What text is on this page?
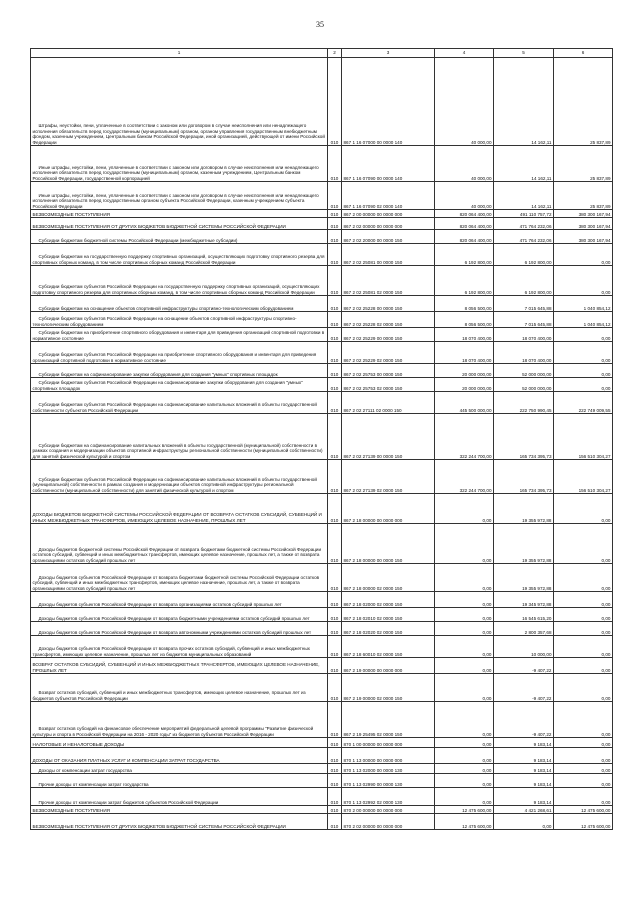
35
1	2	3	4	5	6
Штрафы, неустойки, пени, уплаченные в соответствии с законом или договором в случае неисполнения или ненадлежащего исполнения обязательств перед государственным (муниципальным) органом, органом управления государственным внебюджетным фондом, казенным учреждением, Центральным банком Российской Федерации, иной организацией, действующей от имени Российской Федерации	010	867 1 16 07000 00 0000 140	40 000,00	14 162,11	25 837,89
Иные штрафы, неустойки, пени, уплаченные в соответствии с законом или договором в случае неисполнения или ненадлежащего исполнения обязательств перед государственным (муниципальным) органом, казенным учреждением, Центральным банком Российской Федерации, государственной корпорацией	010	867 1 16 07090 00 0000 140	40 000,00	14 162,11	25 837,89
Иные штрафы, неустойки, пени, уплаченные в соответствии с законом или договором в случае неисполнения или ненадлежащего исполнения обязательств перед государственным органом субъекта Российской Федерации, казенным учреждением субъекта Российской Федерации	010	867 1 16 07090 02 0000 140	40 000,00	14 162,11	25 837,89
БЕЗВОЗМЕЗДНЫЕ ПОСТУПЛЕНИЯ	010	867 2 00 00000 00 0000 000	820 064 400,00	491 110 757,72	380 300 167,94
БЕЗВОЗМЕЗДНЫЕ ПОСТУПЛЕНИЯ ОТ ДРУГИХ БЮДЖЕТОВ БЮДЖЕТНОЙ СИСТЕМЫ РОССИЙСКОЙ ФЕДЕРАЦИИ	010	867 2 02 00000 00 0000 000	820 064 400,00	471 764 232,06	380 300 167,94
Субсидии бюджетам бюджетной системы Российской Федерации (межбюджетные субсидии)	010	867 2 02 20000 00 0000 150	820 064 400,00	471 764 232,06	380 300 167,94
Субсидии бюджетам на государственную поддержку спортивных организаций, осуществляющих подготовку спортивного резерва для спортивных сборных команд, в том числе спортивных сборных команд Российской Федерации	010	867 2 02 25081 00 0000 150	6 192 800,00	6 192 800,00	0,00
Субсидии бюджетам субъектов Российской Федерации на государственную поддержку спортивных организаций, осуществляющих подготовку спортивного резерва для спортивных сборных команд, в том числе спортивных сборных команд Российской Федерации	010	867 2 02 25081 02 0000 150	6 192 800,00	6 192 800,00	0,00
Субсидии бюджетам на оснащение объектов спортивной инфраструктуры спортивно-технологическим оборудованием	010	867 2 02 25228 00 0000 150	8 056 500,00	7 015 645,88	1 040 854,12
Субсидии бюджетам субъектов Российской Федерации на оснащение объектов спортивной инфраструктуры спортивно-технологическим оборудованием	010	867 2 02 25228 02 0000 150	8 056 500,00	7 015 645,88	1 040 854,12
Субсидии бюджетам на приобретение спортивного оборудования и инвентаря для приведения организаций спортивной подготовки в нормативное состояние	010	867 2 02 25229 00 0000 150	18 070 400,00	18 070 400,00	0,00
Субсидии бюджетам субъектов Российской Федерации на приобретение спортивного оборудования и инвентаря для приведения организаций спортивной подготовки в нормативное состояние	010	867 2 02 25229 02 0000 150	18 070 400,00	18 070 400,00	0,00
Субсидии бюджетам на софинансирование закупки оборудования для создания "умных" спортивных площадок	010	867 2 02 25753 00 0000 150	20 000 000,00	52 000 000,00	0,00
Субсидии бюджетам субъектов Российской Федерации на софинансирование закупки оборудования для создания "умных" спортивных площадок	010	867 2 02 25753 02 0000 150	20 000 000,00	52 000 000,00	0,00
Субсидии бюджетам субъектов Российской Федерации на софинансирование капитальных вложений в объекты государственной собственности субъектов Российской Федерации	010	867 2 02 27111 02 0000 150	445 500 000,00	222 750 990,45	222 749 009,55
Субсидии бюджетам на софинансирование капитальных вложений в объекты государственной (муниципальной) собственности в рамках создания и модернизации объектов спортивной инфраструктуры региональной собственности (муниципальной собственности) для занятий физической культурой и спортом	010	867 2 02 27139 00 0000 150	322 244 700,00	165 734 395,73	156 510 304,27
Субсидии бюджетам субъектов Российской Федерации на софинансирование капитальных вложений в объекты государственной (муниципальной) собственности в рамках создания и модернизации объектов спортивной инфраструктуры региональной собственности (муниципальной собственности) для занятий физической культурой и спортом	010	867 2 02 27139 02 0000 150	322 244 700,00	165 734 395,73	156 510 304,27
ДОХОДЫ БЮДЖЕТОВ БЮДЖЕТНОЙ СИСТЕМЫ РОССИЙСКОЙ ФЕДЕРАЦИИ ОТ ВОЗВРАТА ОСТАТКОВ СУБСИДИЙ, СУБВЕНЦИЙ И ИНЫХ МЕЖБЮДЖЕТНЫХ ТРАНСФЕРТОВ, ИМЕЮЩИХ ЦЕЛЕВОЕ НАЗНАЧЕНИЕ, ПРОШЛЫХ ЛЕТ	010	867 2 18 00000 00 0000 000	0,00	19 355 972,88	0,00
Доходы бюджетов бюджетной системы Российской Федерации от возврата бюджетами бюджетной системы Российской Федерации остатков субсидий, субвенций и иных межбюджетных трансфертов, имеющих целевое назначение, прошлых лет, а также от возврата организациями остатков субсидий прошлых лет	010	867 2 18 00000 00 0000 150	0,00	19 355 972,88	0,00
Доходы бюджетов субъектов Российской Федерации от возврата бюджетами бюджетной системы Российской Федерации остатков субсидий, субвенций и иных межбюджетных трансфертов, имеющих целевое назначение, прошлых лет, а также от возврата организациями остатков субсидий прошлых лет	010	867 2 18 00000 02 0000 150	0,00	19 355 972,88	0,00
Доходы бюджетов субъектов Российской Федерации от возврата организациями остатков субсидий прошлых лет	010	867 2 18 02000 02 0000 150	0,00	19 345 972,88	0,00
Доходы бюджетов субъектов Российской Федерации от возврата бюджетными учреждениями остатков субсидий прошлых лет	010	867 2 18 02010 02 0000 150	0,00	16 545 615,20	0,00
Доходы бюджетов субъектов Российской Федерации от возврата автономными учреждениями остатков субсидий прошлых лет	010	867 2 18 02020 02 0000 150	0,00	2 800 357,68	0,00
Доходы бюджетов субъектов Российской Федерации от возврата прочих остатков субсидий, субвенций и иных межбюджетных трансфертов, имеющих целевое назначение, прошлых лет из бюджетов муниципальных образований	010	867 2 18 60010 02 0000 150	0,00	10 000,00	0,00
ВОЗВРАТ ОСТАТКОВ СУБСИДИЙ, СУБВЕНЦИЙ И ИНЫХ МЕЖБЮДЖЕТНЫХ ТРАНСФЕРТОВ, ИМЕЮЩИХ ЦЕЛЕВОЕ НАЗНАЧЕНИЕ, ПРОШЛЫХ ЛЕТ	010	867 2 19 00000 00 0000 000	0,00	-9 407,22	0,00
Возврат остатков субсидий, субвенций и иных межбюджетных трансфертов, имеющих целевое назначение, прошлых лет из бюджетов субъектов Российской Федерации	010	867 2 19 00000 02 0000 150	0,00	-9 407,22	0,00
Возврат остатков субсидий на финансовое обеспечение мероприятий федеральной целевой программы "Развитие физической культуры и спорта в Российской Федерации на 2016 - 2020 годы" из бюджетов субъектов Российской Федерации	010	867 2 19 25495 02 0000 150	0,00	-9 407,22	0,00
НАЛОГОВЫЕ И НЕНАЛОГОВЫЕ ДОХОДЫ	010	870 1 00 00000 00 0000 000	0,00	9 183,14	0,00
ДОХОДЫ ОТ ОКАЗАНИЯ ПЛАТНЫХ УСЛУГ И КОМПЕНСАЦИИ ЗАТРАТ ГОСУДАРСТВА	010	870 1 13 00000 00 0000 000	0,00	9 183,14	0,00
Доходы от компенсации затрат государства	010	870 1 13 02000 00 0000 130	0,00	9 183,14	0,00
Прочие доходы от компенсации затрат государства	010	870 1 13 02990 00 0000 130	0,00	9 183,14	0,00
Прочие доходы от компенсации затрат бюджетов субъектов Российской Федерации	010	870 1 13 02992 02 0000 130	0,00	9 183,14	0,00
БЕЗВОЗМЕЗДНЫЕ ПОСТУПЛЕНИЯ	010	870 2 00 00000 00 0000 000	12 475 600,00	4 421 268,61	12 475 600,00
БЕЗВОЗМЕЗДНЫЕ ПОСТУПЛЕНИЯ ОТ ДРУГИХ БЮДЖЕТОВ БЮДЖЕТНОЙ СИСТЕМЫ РОССИЙСКОЙ ФЕДЕРАЦИИ	010	870 2 02 00000 00 0000 000	12 475 600,00	0,00	12 475 600,00
